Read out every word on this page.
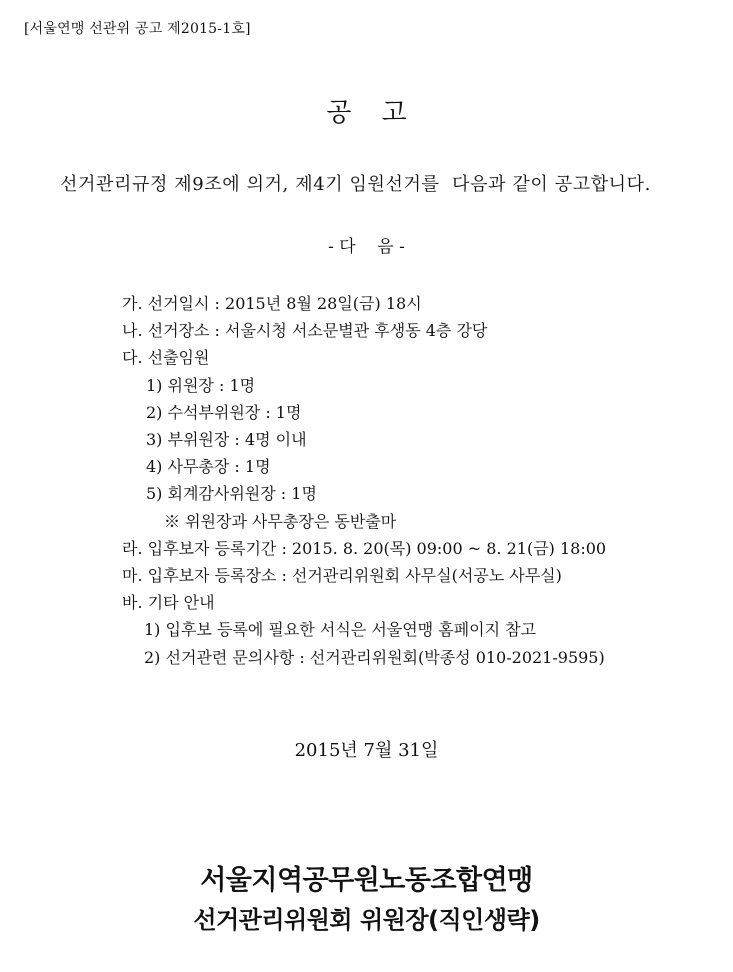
[서울연맹 선관위 공고 제2015-1호]
공 고
선거관리규정 제9조에 의거, 제4기 임원선거를  다음과 같이 공고합니다.
- 다    음 -
가. 선거일시 : 2015년 8월 28일(금) 18시
나. 선거장소 : 서울시청 서소문별관 후생동 4층 강당
다. 선출임원
1) 위원장 : 1명
2) 수석부위원장 : 1명
3) 부위원장 : 4명 이내
4) 사무총장 : 1명
5) 회계감사위원장 : 1명
※ 위원장과 사무총장은 동반출마
라. 입후보자 등록기간 : 2015. 8. 20(목) 09:00 ~ 8. 21(금) 18:00
마. 입후보자 등록장소 : 선거관리위원회 사무실(서공노 사무실)
바. 기타 안내
1) 입후보 등록에 필요한 서식은 서울연맹 홈페이지 참고
2) 선거관련 문의사항 : 선거관리위원회(박종성 010-2021-9595)
2015년 7월 31일
서울지역공무원노동조합연맹
선거관리위원회 위원장(직인생략)
